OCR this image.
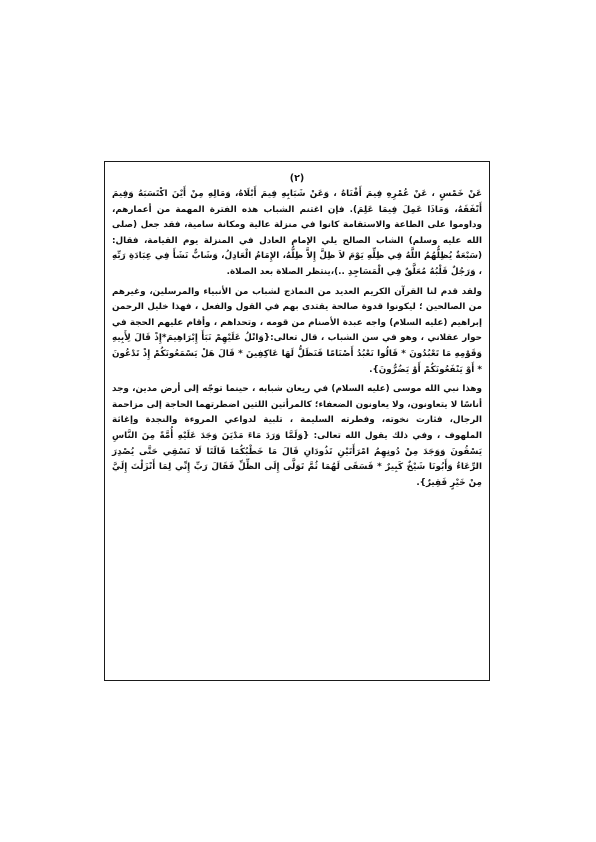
(٢)

عَنْ خَمْسٍ ، عَنْ عُمْرِهِ فِيمَ أَفْنَاهُ ، وَعَنْ شَبَابِهِ فِيمَ أَبْلَاهُ، وَمَالِهِ مِنْ أَيْنَ اكْتَسَبَهُ وَفِيمَ أَنْفَقَهُ، وَمَاذَا عَمِلَ فِيمَا عَلِمَ). فإن اغتنم الشباب هذه الفترة المهمة من أعمارهم، وداوموا على الطاعة والاستقامة كانوا في منزلة عالية ومكانة سامية، فقد جعل (صلى الله عليه وسلم) الشاب الصالح يلي الإمام العادل في المنزلة يوم القيامة، فقال: (سَبْعَةٌ يُظِلُّهُمُ اللَّهُ فِي ظِلِّهِ يَوْمَ لاَ ظِلَّ إِلاَّ ظِلُّهُ، الإِمَامُ الْعَادِلُ، وَشَابٌّ نَشَأَ فِي عِبَادَةِ رَبِّهِ ، وَرَجُلٌ قَلْبُهُ مُعَلَّقٌ فِي الْمَسَاجِدِ ..)،ينتظر الصلاة بعد الصلاة.

ولقد قدم لنا القرآن الكريم العديد من النماذج لشباب من الأنبياء والمرسلين، وغيرهم من الصالحين ؛ ليكونوا قدوة صالحة يقتدى بهم في القول والفعل ، فهذا خليل الرحمن إبراهيم (عليه السلام) واجه عبدة الأصنام من قومه ، وتحداهم ، وأقام عليهم الحجة في حوار عقلاني ، وهو في سن الشباب ، قال تعالى:{وَاتْلُ عَلَيْهِمْ نَبَأَ إِبْرَاهِيمَ*إِذْ قَالَ لِأَبِيهِ وَقَوْمِهِ مَا تَعْبُدُونَ * قَالُوا نَعْبُدُ أَصْنَامًا فَنَظَلُّ لَهَا عَاكِفِينَ * قَالَ هَلْ يَسْمَعُونَكُمْ إِذْ تَدْعُونَ * أَوْ يَنْفَعُونَكُمْ أَوْ يَضُرُّونَ}.

وهذا نبي الله موسى (عليه السلام) في ريعان شبابه ، حينما توجّه إلى أرض مدين، وجد أناسًا لا يتعاونون، ولا يعاونون الضعفاء؛ كالمرأتين اللتين اضطرتهما الحاجة إلى مزاحمة الرجال، فثارت نخوته، وفطرته السليمة ، تلبية لدواعي المروءة والنجدة وإغاثة الملهوف ، وفي ذلك يقول الله تعالى: {وَلَمَّا وَرَدَ مَاءَ مَدْيَنَ وَجَدَ عَلَيْهِ أُمَّةً مِنَ النَّاسِ يَسْقُونَ وَوَجَدَ مِنْ دُونِهِمُ امْرَأَتَيْنِ تَذُودَانِ قَالَ مَا خَطْبُكُمَا قَالَتَا لَا نَسْقِي حَتَّى يُصْدِرَ الرِّعَاءُ وَأَبُونَا شَيْخٌ كَبِيرٌ * فَسَقَى لَهُمَا ثُمَّ تَوَلَّى إِلَى الظِّلِّ فَقَالَ رَبِّ إِنِّي لِمَا أَنْزَلْتَ إِلَيَّ مِنْ خَيْرٍ فَقِيرٌ}.
